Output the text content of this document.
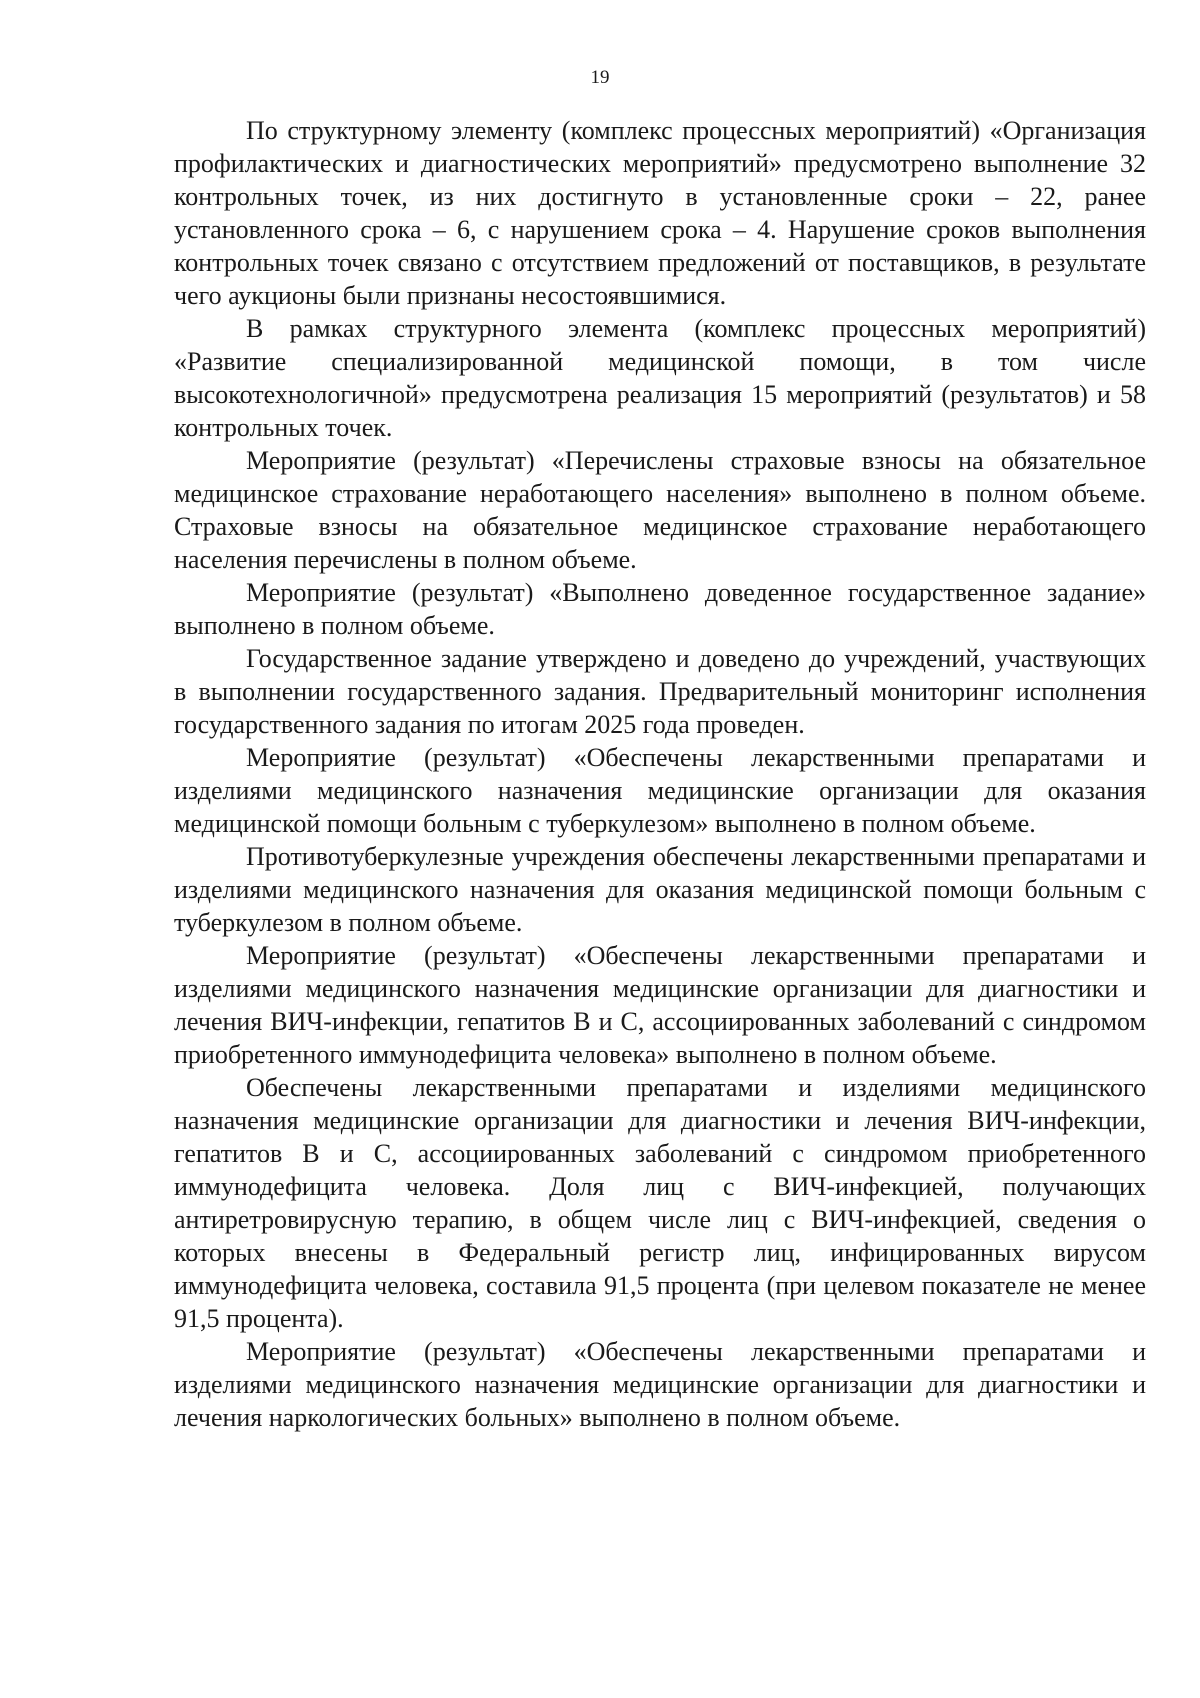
19

По структурному элементу (комплекс процессных мероприятий) «Организация профилактических и диагностических мероприятий» предусмотрено выполнение 32 контрольных точек, из них достигнуто в установленные сроки – 22, ранее установленного срока – 6, с нарушением срока – 4. Нарушение сроков выполнения контрольных точек связано с отсутствием предложений от поставщиков, в результате чего аукционы были признаны несостоявшимися.

В рамках структурного элемента (комплекс процессных мероприятий) «Развитие специализированной медицинской помощи, в том числе высокотехнологичной» предусмотрена реализация 15 мероприятий (результатов) и 58 контрольных точек.

Мероприятие (результат) «Перечислены страховые взносы на обязательное медицинское страхование неработающего населения» выполнено в полном объеме. Страховые взносы на обязательное медицинское страхование неработающего населения перечислены в полном объеме.

Мероприятие (результат) «Выполнено доведенное государственное задание» выполнено в полном объеме.

Государственное задание утверждено и доведено до учреждений, участвующих в выполнении государственного задания. Предварительный мониторинг исполнения государственного задания по итогам 2025 года проведен.

Мероприятие (результат) «Обеспечены лекарственными препаратами и изделиями медицинского назначения медицинские организации для оказания медицинской помощи больным с туберкулезом» выполнено в полном объеме.

Противотуберкулезные учреждения обеспечены лекарственными препаратами и изделиями медицинского назначения для оказания медицинской помощи больным с туберкулезом в полном объеме.

Мероприятие (результат) «Обеспечены лекарственными препаратами и изделиями медицинского назначения медицинские организации для диагностики и лечения ВИЧ-инфекции, гепатитов B и C, ассоциированных заболеваний с синдромом приобретенного иммунодефицита человека» выполнено в полном объеме.

Обеспечены лекарственными препаратами и изделиями медицинского назначения медицинские организации для диагностики и лечения ВИЧ-инфекции, гепатитов B и C, ассоциированных заболеваний с синдромом приобретенного иммунодефицита человека. Доля лиц с ВИЧ-инфекцией, получающих антиретровирусную терапию, в общем числе лиц с ВИЧ-инфекцией, сведения о которых внесены в Федеральный регистр лиц, инфицированных вирусом иммунодефицита человека, составила 91,5 процента (при целевом показателе не менее 91,5 процента).

Мероприятие (результат) «Обеспечены лекарственными препаратами и изделиями медицинского назначения медицинские организации для диагностики и лечения наркологических больных» выполнено в полном объеме.
